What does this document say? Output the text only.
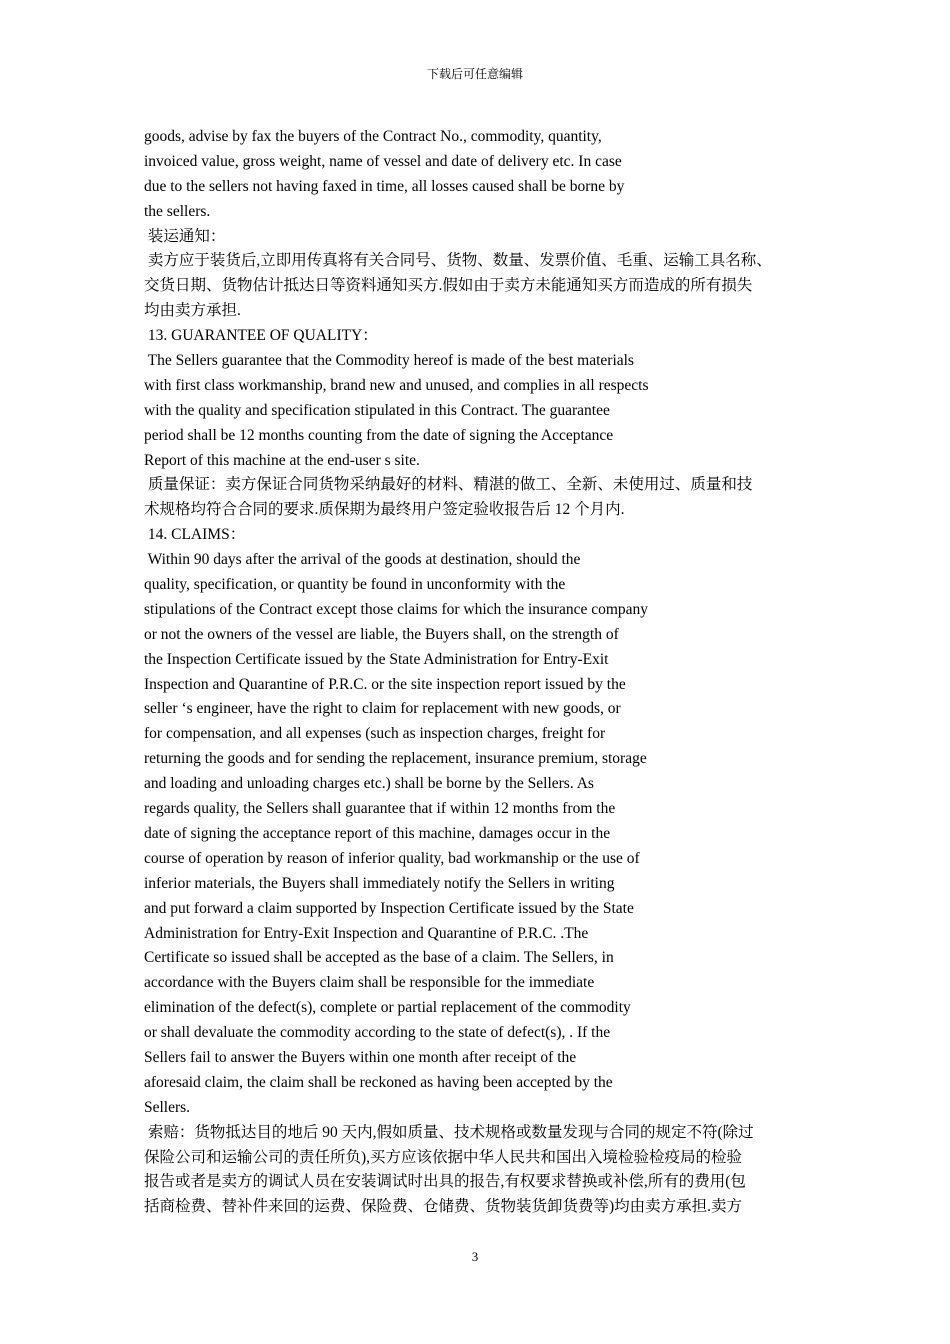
下载后可任意编辑
goods, advise by fax the buyers of the Contract No., commodity, quantity,
invoiced value, gross weight, name of vessel and date of delivery etc. In case
due to the sellers not having faxed in time, all losses caused shall be borne by
the sellers.
装运通知：
卖方应于装货后,立即用传真将有关合同号、货物、数量、发票价值、毛重、运输工具名称、
交货日期、货物估计抵达日等资料通知买方.假如由于卖方未能通知买方而造成的所有损失
均由卖方承担.
13. GUARANTEE OF QUALITY：
The Sellers guarantee that the Commodity hereof is made of the best materials
with first class workmanship, brand new and unused, and complies in all respects
with the quality and specification stipulated in this Contract. The guarantee
period shall be 12 months counting from the date of signing the Acceptance
Report of this machine at the end-user s site.
质量保证：卖方保证合同货物采纳最好的材料、精湛的做工、全新、未使用过、质量和技
术规格均符合合同的要求.质保期为最终用户签定验收报告后 12 个月内.
14. CLAIMS：
Within 90 days after the arrival of the goods at destination, should the
quality, specification, or quantity be found in unconformity with the
stipulations of the Contract except those claims for which the insurance company
or not the owners of the vessel are liable, the Buyers shall, on the strength of
the Inspection Certificate issued by the State Administration for Entry-Exit
Inspection and Quarantine of P.R.C. or the site inspection report issued by the
seller ‘s engineer, have the right to claim for replacement with new goods, or
for compensation, and all expenses (such as inspection charges, freight for
returning the goods and for sending the replacement, insurance premium, storage
and loading and unloading charges etc.) shall be borne by the Sellers. As
regards quality, the Sellers shall guarantee that if within 12 months from the
date of signing the acceptance report of this machine, damages occur in the
course of operation by reason of inferior quality, bad workmanship or the use of
inferior materials, the Buyers shall immediately notify the Sellers in writing
and put forward a claim supported by Inspection Certificate issued by the State
Administration for Entry-Exit Inspection and Quarantine of P.R.C. .The
Certificate so issued shall be accepted as the base of a claim. The Sellers, in
accordance with the Buyers claim shall be responsible for the immediate
elimination of the defect(s), complete or partial replacement of the commodity
or shall devaluate the commodity according to the state of defect(s), . If the
Sellers fail to answer the Buyers within one month after receipt of the
aforesaid claim, the claim shall be reckoned as having been accepted by the
Sellers.
索赔：货物抵达目的地后 90 天内,假如质量、技术规格或数量发现与合同的规定不符(除过
保险公司和运输公司的责任所负),买方应该依据中华人民共和国出入境检验检疫局的检验
报告或者是卖方的调试人员在安装调试时出具的报告,有权要求替换或补偿,所有的费用(包
括商检费、替补件来回的运费、保险费、仓储费、货物装货卸货费等)均由卖方承担.卖方
3
